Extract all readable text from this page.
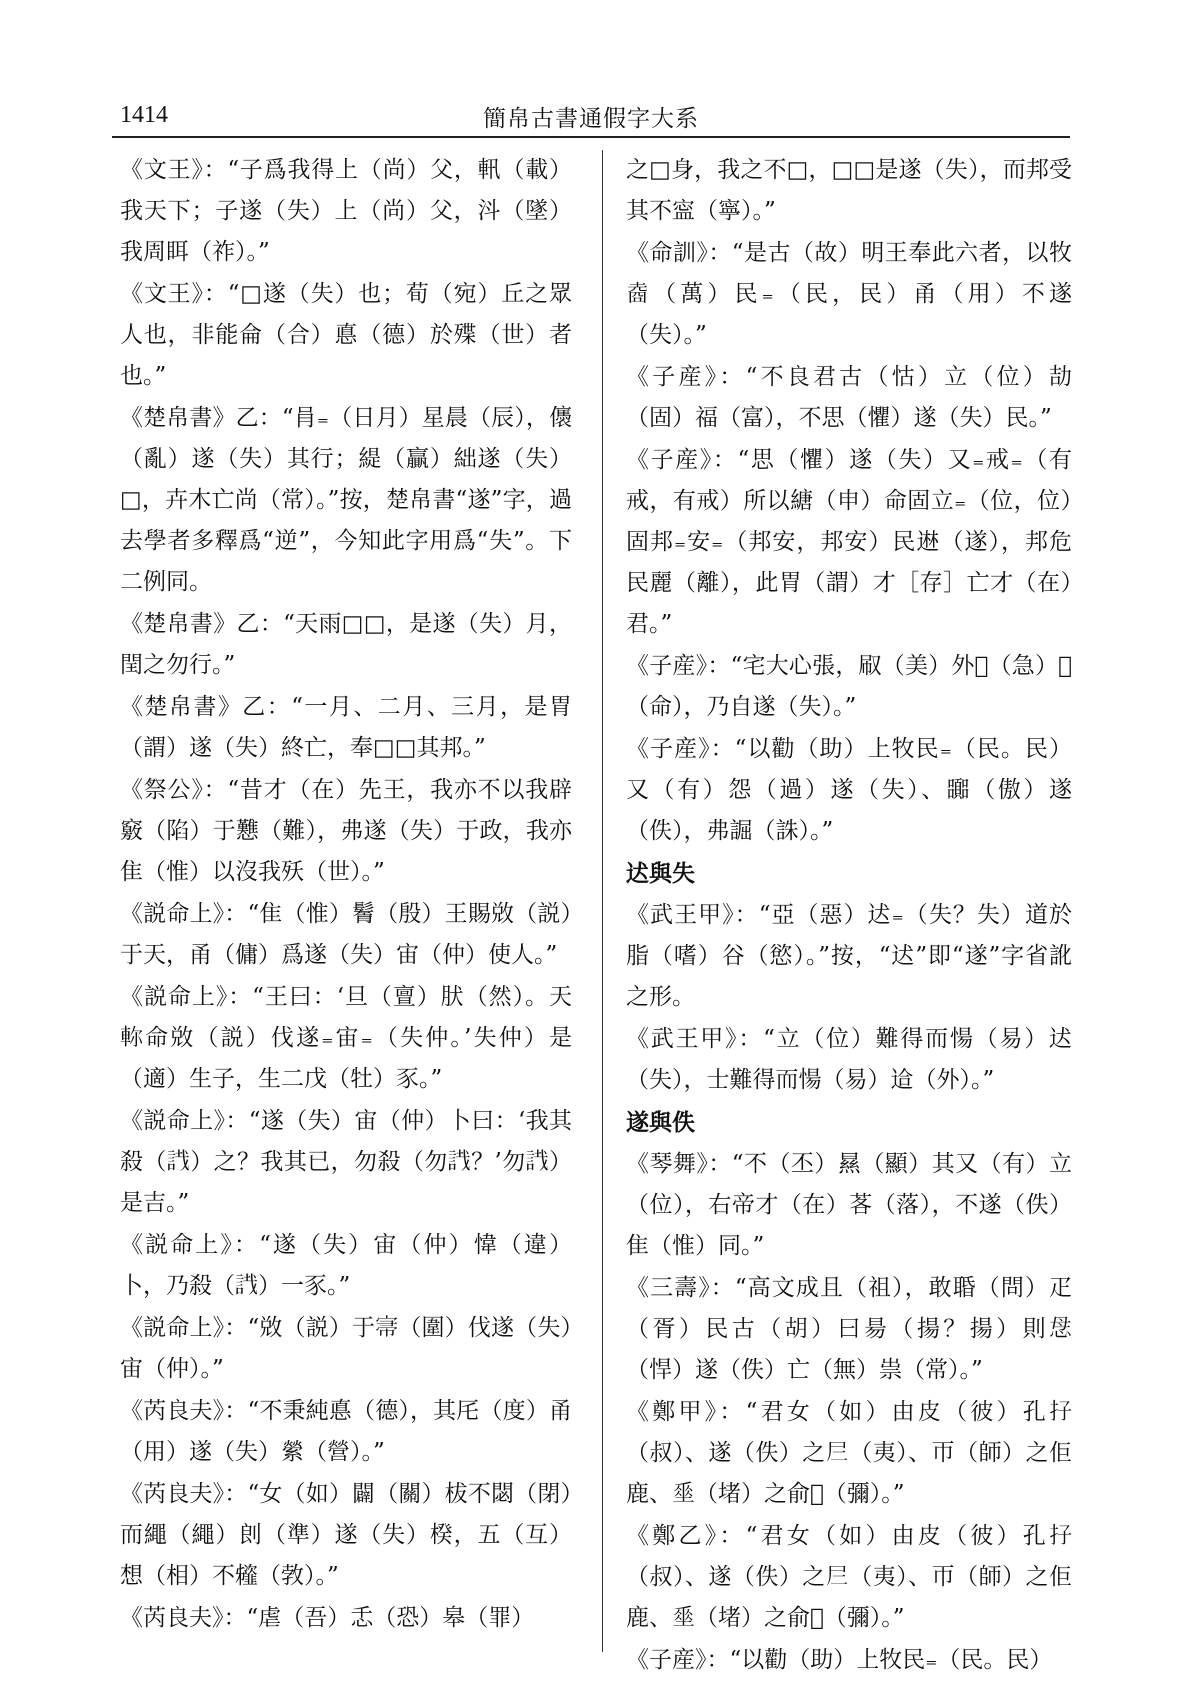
1414	簡帛古書通假字大系

《文王》：“子爲我得上（尚）父，軐（載）我天下；子遂（失）上（尚）父，㳆（墜）我周眲（祚）。”

《文王》：“□遂（失）也；荀（宛）丘之眾人也，非能侖（合）悳（德）於殜（世）者也。”

《楚帛書》乙：“肙₌（日月）星晨（辰），㒟（亂）遂（失）其行；緹（贏）絀遂（失）□，卉木亡尚（常）。”按，楚帛書“遂”字，過去學者多釋爲“逆”，今知此字用爲“失”。下二例同。

《楚帛書》乙：“天雨□□，是遂（失）月，閏之勿行。”

《楚帛書》乙：“一月、二月、三月，是胃（謂）遂（失）終亡，奉□□其邦。”

《祭公》：“昔才（在）先王，我亦不以我辟竅（陷）于戁（難），弗遂（失）于政，我亦隹（惟）以沒我殀（世）。”

《説命上》：“隹（惟）鬌（殷）王賜敚（説）于天，甬（傭）爲遂（失）宙（仲）使人。”

《説命上》：“王曰：‘旦（亶）肰（然）。天𨋎命敚（説）伐遂₌宙₌（失仲。’失仲）是（適）生子，生二戊（牡）豕。”

《説命上》：“遂（失）宙（仲）卜曰：‘我其殺（𧧟）之？我其已，勿殺（勿𧧟？’勿𧧟）是吉。”

《説命上》：“遂（失）宙（仲）愇（違）卜，乃殺（𧧟）一豕。”

《説命上》：“敚（説）于𡨦（圍）伐遂（失）宙（仲）。”

《芮良夫》：“不秉純悳（德），其厇（度）甬（用）遂（失）縈（營）。”

《芮良夫》：“女（如）闢（關）柭不閟（閉）而繩（繩）剆（準）遂（失）楑，五（互）想（相）不䪢（㪍）。”

《芮良夫》：“虐（吾）忎（恐）皋（罪）

之□身，我之不□，□□是遂（失），而邦受其不寍（寧）。”

《命訓》：“是古（故）明王奉此六者，以牧𡍬（萬）民₌（民，民）甬（用）不遂（失）。”

《子産》：“不良君古（怙）立（位）劼（固）福（富），不思（懼）遂（失）民。”

《子産》：“思（懼）遂（失）又₌戒₌（有戒，有戒）所以䌅（申）命固立₌（位，位）固邦₌安₌（邦安，邦安）民䢞（遂），邦危民麗（離），此胃（謂）才［存］亡才（在）君。”

《子産》：“宅大心張，㕞（美）外𢘾（急）𧥀（命），乃自遂（失）。”

《子産》：“以勸（助）上牧民₌（民。民）又（有）怨（過）遂（失）、嚻（傲）遂（佚），弗誳（誅）。”

迖與失

《武王甲》：“亞（惡）迖₌（失？失）道於脂（嗜）谷（慾）。”按，“迖”即“遂”字省訛之形。

《武王甲》：“立（位）難得而愓（易）迖（失），士難得而愓（易）䢔（外）。”

遂與佚

《琴舞》：“不（丕）㬎（顯）其又（有）立（位），右帝才（在）茖（落），不遂（佚）隹（惟）同。”

《三壽》：“高文成且（祖），敢䎽（問）疋（胥）民古（胡）曰昜（揚？揚）則𢘓（悍）遂（佚）亡（無）祟（常）。”

《鄭甲》：“君女（如）由皮（彼）孔𡥅（叔）、遂（佚）之𡰥（夷）、帀（師）之佢鹿、𡍮（堵）之俞𤦑（彌）。”

《鄭乙》：“君女（如）由皮（彼）孔𡥅（叔）、遂（佚）之𡰥（夷）、帀（師）之佢鹿、𡍮（堵）之俞𤦑（彌）。”

《子産》：“以勸（助）上牧民₌（民。民）
